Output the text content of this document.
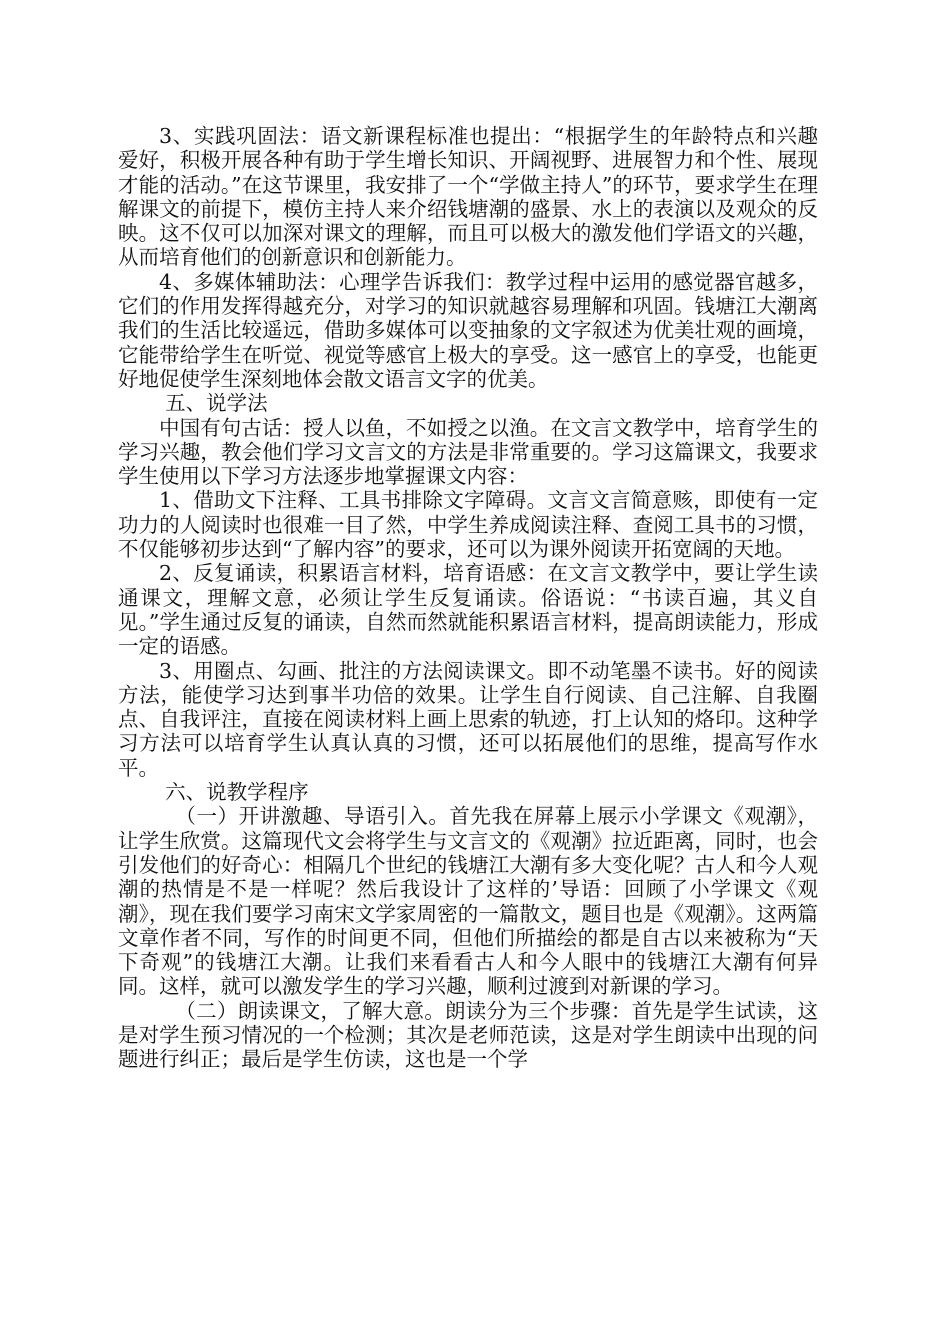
3、实践巩固法：语文新课程标准也提出：“根据学生的年龄特点和兴趣爱好，积极开展各种有助于学生增长知识、开阔视野、进展智力和个性、展现才能的活动。”在这节课里，我安排了一个“学做主持人”的环节，要求学生在理解课文的前提下，模仿主持人来介绍钱塘潮的盛景、水上的表演以及观众的反映。这不仅可以加深对课文的理解，而且可以极大的激发他们学语文的兴趣，从而培育他们的创新意识和创新能力。

4、多媒体辅助法：心理学告诉我们：教学过程中运用的感觉器官越多，它们的作用发挥得越充分，对学习的知识就越容易理解和巩固。钱塘江大潮离我们的生活比较遥远，借助多媒体可以变抽象的文字叙述为优美壮观的画境，它能带给学生在听觉、视觉等感官上极大的享受。这一感官上的享受，也能更好地促使学生深刻地体会散文语言文字的优美。

五、说学法

中国有句古话：授人以鱼，不如授之以渔。在文言文教学中，培育学生的学习兴趣，教会他们学习文言文的方法是非常重要的。学习这篇课文，我要求学生使用以下学习方法逐步地掌握课文内容：

1、借助文下注释、工具书排除文字障碍。文言文言简意赅，即使有一定功力的人阅读时也很难一目了然，中学生养成阅读注释、查阅工具书的习惯，不仅能够初步达到“了解内容”的要求，还可以为课外阅读开拓宽阔的天地。

2、反复诵读，积累语言材料，培育语感：在文言文教学中，要让学生读通课文，理解文意，必须让学生反复诵读。俗语说：“书读百遍，其义自见。”学生通过反复的诵读，自然而然就能积累语言材料，提高朗读能力，形成一定的语感。

3、用圈点、勾画、批注的方法阅读课文。即不动笔墨不读书。好的阅读方法，能使学习达到事半功倍的效果。让学生自行阅读、自己注解、自我圈点、自我评注，直接在阅读材料上画上思索的轨迹，打上认知的烙印。这种学习方法可以培育学生认真认真的习惯，还可以拓展他们的思维，提高写作水平。

六、说教学程序

（一）开讲激趣、导语引入。首先我在屏幕上展示小学课文《观潮》，让学生欣赏。这篇现代文会将学生与文言文的《观潮》拉近距离，同时，也会引发他们的好奇心：相隔几个世纪的钱塘江大潮有多大变化呢？古人和今人观潮的热情是不是一样呢？然后我设计了这样的’导语：回顾了小学课文《观潮》，现在我们要学习南宋文学家周密的一篇散文，题目也是《观潮》。这两篇文章作者不同，写作的时间更不同，但他们所描绘的都是自古以来被称为“天下奇观”的钱塘江大潮。让我们来看看古人和今人眼中的钱塘江大潮有何异同。这样，就可以激发学生的学习兴趣，顺利过渡到对新课的学习。

（二）朗读课文，了解大意。朗读分为三个步骤：首先是学生试读，这是对学生预习情况的一个检测；其次是老师范读，这是对学生朗读中出现的问题进行纠正；最后是学生仿读，这也是一个学
